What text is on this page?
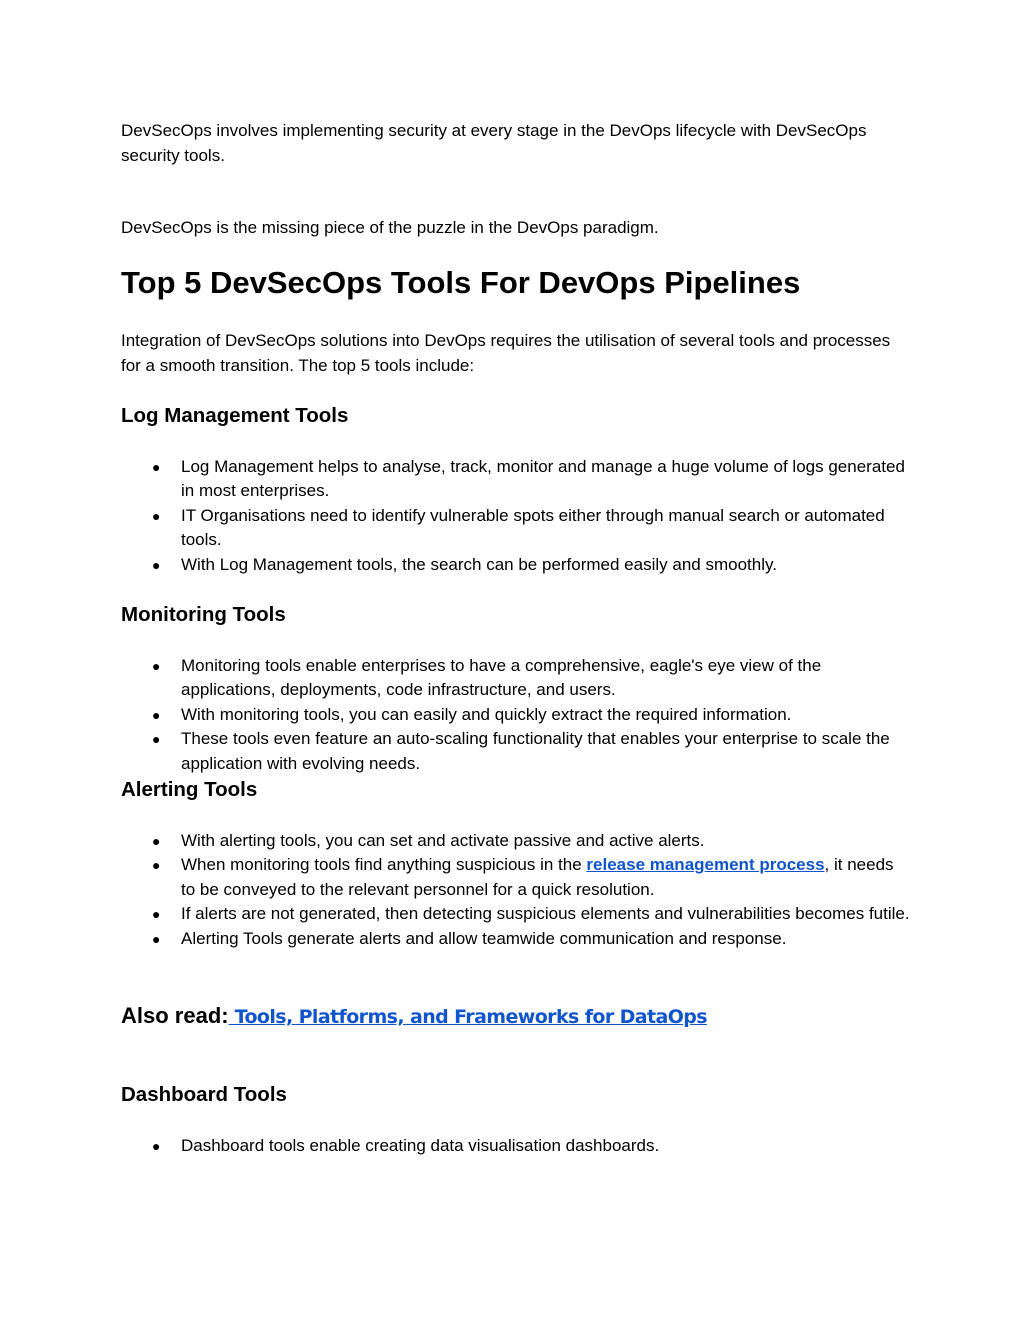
DevSecOps involves implementing security at every stage in the DevOps lifecycle with DevSecOps security tools.

DevSecOps is the missing piece of the puzzle in the DevOps paradigm.

Top 5 DevSecOps Tools For DevOps Pipelines

Integration of DevSecOps solutions into DevOps requires the utilisation of several tools and processes for a smooth transition. The top 5 tools include:

Log Management Tools
● Log Management helps to analyse, track, monitor and manage a huge volume of logs generated in most enterprises.
● IT Organisations need to identify vulnerable spots either through manual search or automated tools.
● With Log Management tools, the search can be performed easily and smoothly.
Monitoring Tools
● Monitoring tools enable enterprises to have a comprehensive, eagle's eye view of the applications, deployments, code infrastructure, and users.
● With monitoring tools, you can easily and quickly extract the required information.
● These tools even feature an auto-scaling functionality that enables your enterprise to scale the application with evolving needs.
Alerting Tools
● With alerting tools, you can set and activate passive and active alerts.
● When monitoring tools find anything suspicious in the release management process, it needs to be conveyed to the relevant personnel for a quick resolution.
● If alerts are not generated, then detecting suspicious elements and vulnerabilities becomes futile.
● Alerting Tools generate alerts and allow teamwide communication and response.
Also read: Tools, Platforms, and Frameworks for DataOps
Dashboard Tools
● Dashboard tools enable creating data visualisation dashboards.
